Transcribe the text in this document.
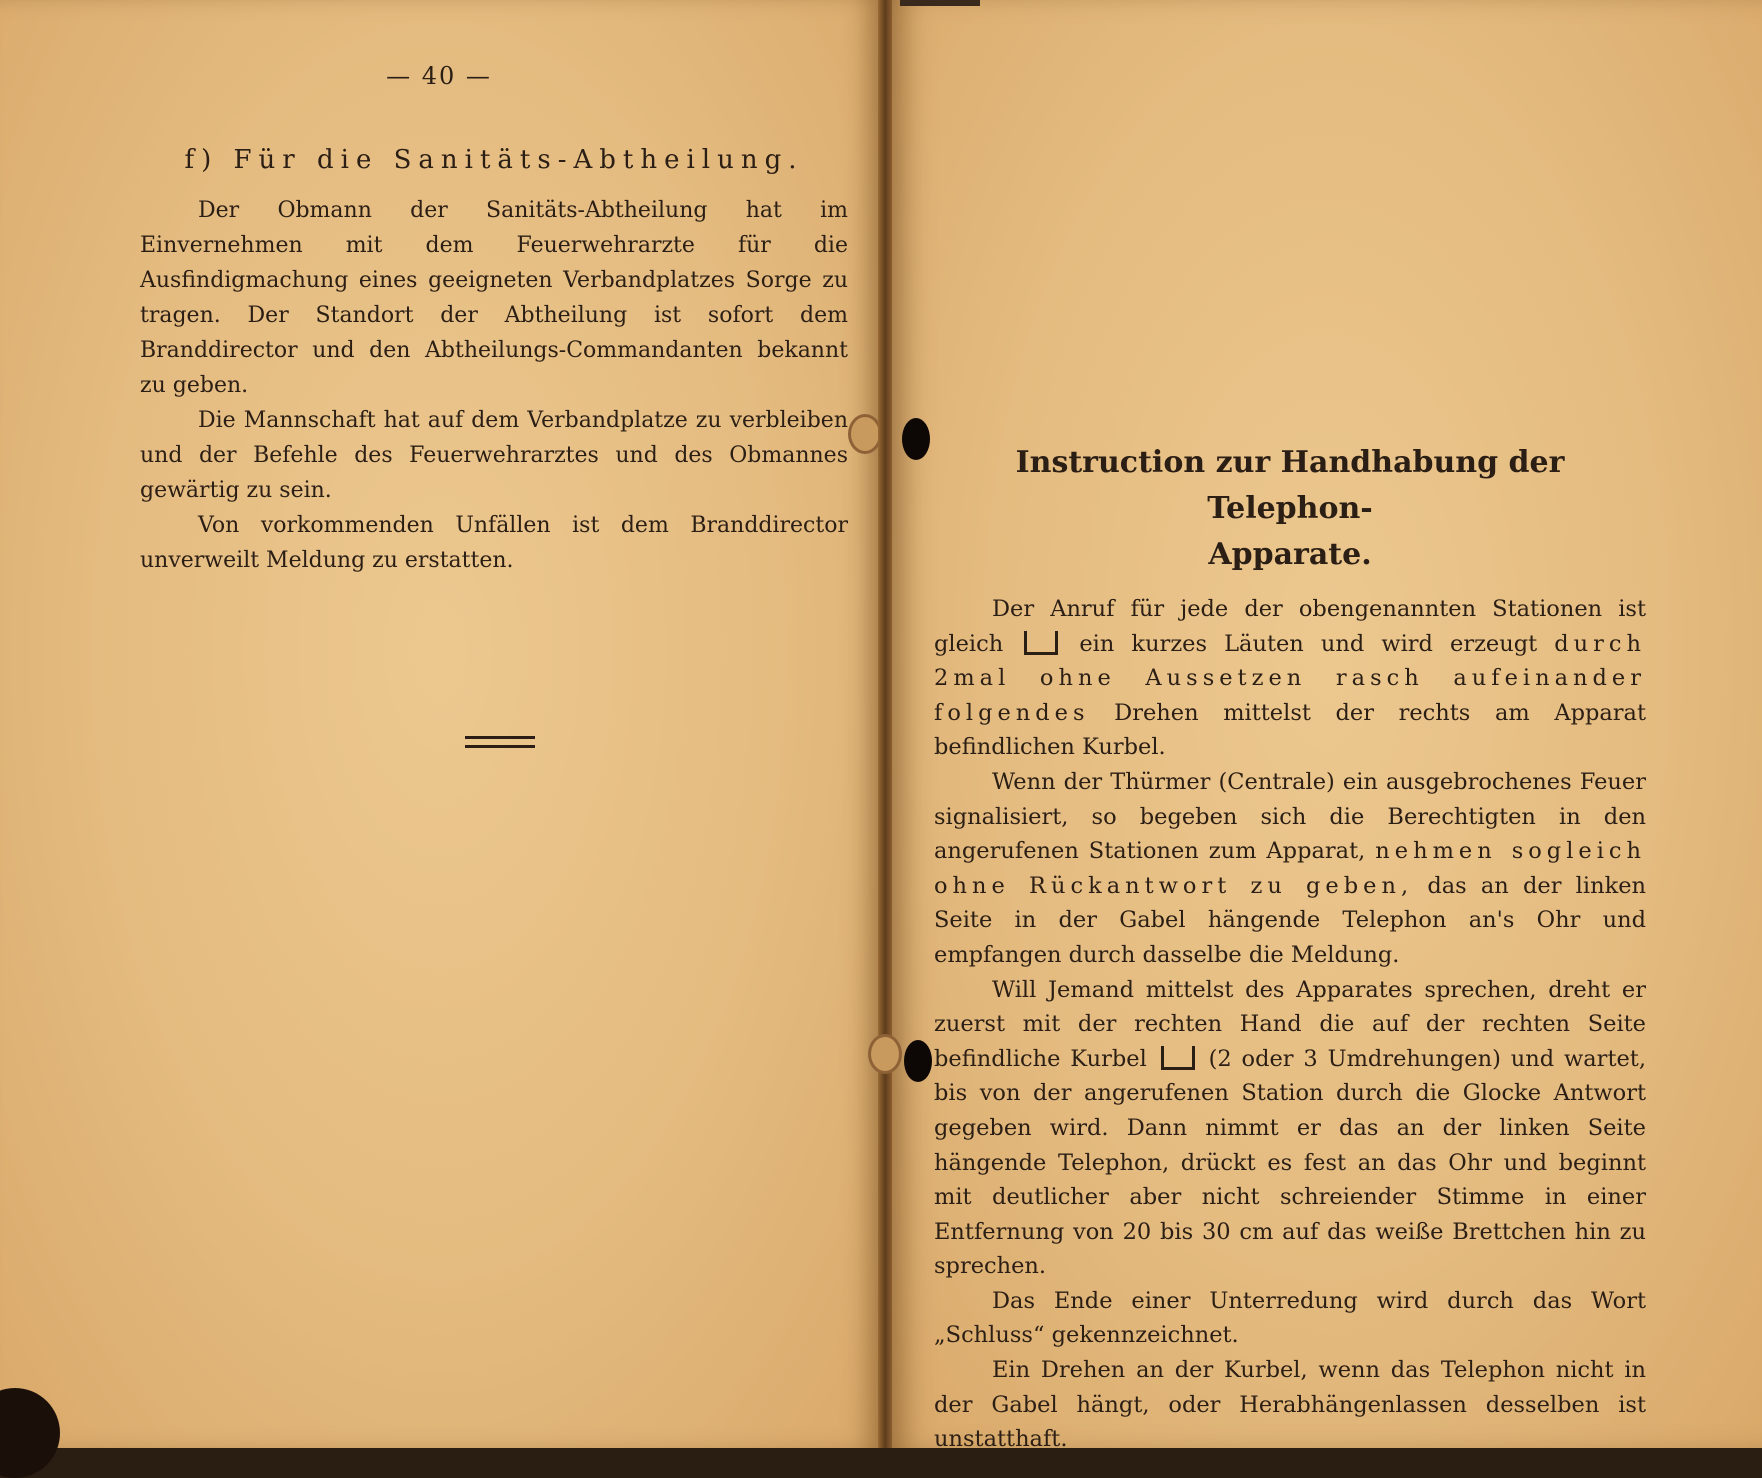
— 40 —
f) Für die Sanitäts-Abtheilung.

Der Obmann der Sanitäts-Abtheilung hat im Einvernehmen mit dem Feuerwehrarzte für die Ausfindigmachung eines geeigneten Verbandplatzes Sorge zu tragen. Der Standort der Abtheilung ist sofort dem Branddirector und den Abtheilungs-Commandanten bekannt zu geben.

Die Mannschaft hat auf dem Verbandplatze zu verbleiben und der Befehle des Feuerwehrarztes und des Obmannes gewärtig zu sein.

Von vorkommenden Unfällen ist dem Branddirector unverweilt Meldung zu erstatten.

Instruction zur Handhabung der Telephon-
Apparate.

Der Anruf für jede der obengenannten Stationen ist gleich	ein kurzes Läuten und wird erzeugt durch 2mal ohne Aussetzen rasch aufeinander folgendes Drehen mittelst der rechts am Apparat befindlichen Kurbel.

Wenn der Thürmer (Centrale) ein ausgebrochenes Feuer signalisiert, so begeben sich die Berechtigten in den angerufenen Stationen zum Apparat, nehmen sogleich ohne Rückantwort zu geben, das an der linken Seite in der Gabel hängende Telephon an's Ohr und empfangen durch dasselbe die Meldung.

Will Jemand mittelst des Apparates sprechen, dreht er zuerst mit der rechten Hand die auf der rechten Seite befindliche Kurbel	(2 oder 3 Umdrehungen) und wartet, bis von der angerufenen Station durch die Glocke Antwort gegeben wird. Dann nimmt er das an der linken Seite hängende Telephon, drückt es fest an das Ohr und beginnt mit deutlicher aber nicht schreiender Stimme in einer Entfernung von 20 bis 30 cm auf das weiße Brettchen hin zu sprechen.

Das Ende einer Unterredung wird durch das Wort „Schluss“ gekennzeichnet.

Ein Drehen an der Kurbel, wenn das Telephon nicht in der Gabel hängt, oder Herabhängenlassen desselben ist unstatthaft.
